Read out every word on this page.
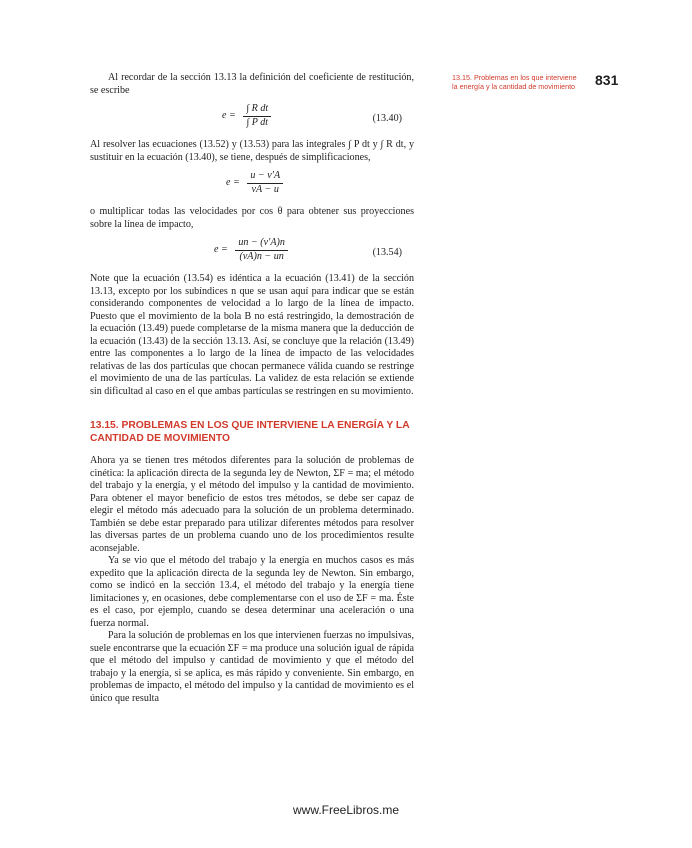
13.15. Problemas en los que interviene
la energía y la cantidad de movimiento	831

Al recordar de la sección 13.13 la definición del coeficiente de restitución, se escribe

$e = \frac{\text{∫ R dt}}{\text{∫ P dt}}$	(13.40)

Al resolver las ecuaciones (13.52) y (13.53) para las integrales ∫ P dt y ∫ R dt, y sustituir en la ecuación (13.40), se tiene, después de simplificaciones,

$e = \frac{u - v'A}{vA - u}$

o multiplicar todas las velocidades por cos θ para obtener sus proyecciones sobre la línea de impacto,

$e = \frac{un - (v'A)n}{(vA)n - un}$	(13.54)

Note que la ecuación (13.54) es idéntica a la ecuación (13.41) de la sección 13.13, excepto por los subíndices n que se usan aquí para indicar que se están considerando componentes de velocidad a lo largo de la línea de impacto. Puesto que el movimiento de la bola B no está restringido, la demostración de la ecuación (13.49) puede completarse de la misma manera que la deducción de la ecuación (13.43) de la sección 13.13. Así, se concluye que la relación (13.49) entre las componentes a lo largo de la línea de impacto de las velocidades relativas de las dos partículas que chocan permanece válida cuando se restringe el movimiento de una de las partículas. La validez de esta relación se extiende sin dificultad al caso en el que ambas partículas se restringen en su movimiento.

13.15. PROBLEMAS EN LOS QUE INTERVIENE LA ENERGÍA Y LA CANTIDAD DE MOVIMIENTO

Ahora ya se tienen tres métodos diferentes para la solución de problemas de cinética: la aplicación directa de la segunda ley de Newton, ΣF = ma; el método del trabajo y la energía, y el método del impulso y la cantidad de movimiento. Para obtener el mayor beneficio de estos tres métodos, se debe ser capaz de elegir el método más adecuado para la solución de un problema determinado. También se debe estar preparado para utilizar diferentes métodos para resolver las diversas partes de un problema cuando uno de los procedimientos resulte aconsejable.

Ya se vio que el método del trabajo y la energía en muchos casos es más expedito que la aplicación directa de la segunda ley de Newton. Sin embargo, como se indicó en la sección 13.4, el método del trabajo y la energía tiene limitaciones y, en ocasiones, debe complementarse con el uso de ΣF = ma. Éste es el caso, por ejemplo, cuando se desea determinar una aceleración o una fuerza normal.

Para la solución de problemas en los que intervienen fuerzas no impulsivas, suele encontrarse que la ecuación ΣF = ma produce una solución igual de rápida que el método del impulso y cantidad de movimiento y que el método del trabajo y la energía, si se aplica, es más rápido y conveniente. Sin embargo, en problemas de impacto, el método del impulso y la cantidad de movimiento es el único que resulta

www.FreeLibros.me
